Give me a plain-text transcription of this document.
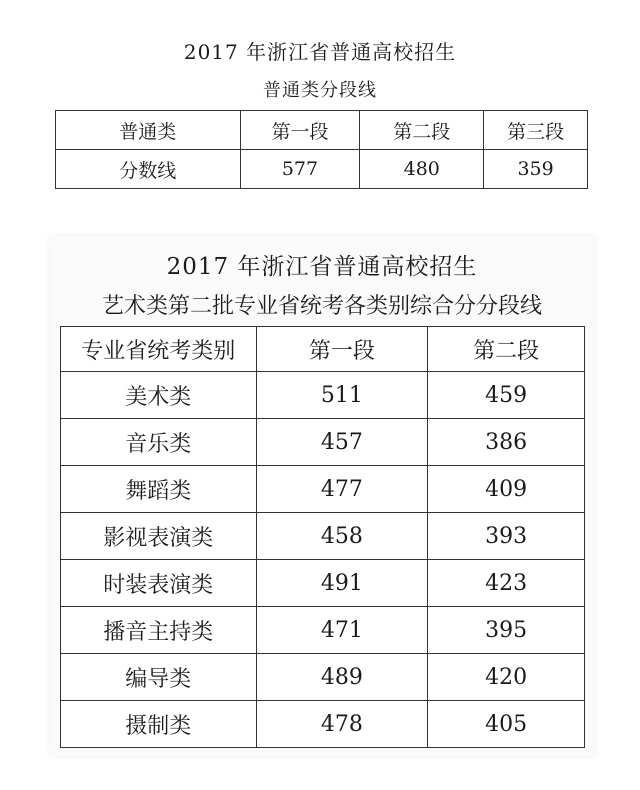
2017 年浙江省普通高校招生
普通类分段线
普通类	第一段	第二段	第三段
分数线	577	480	359
2017 年浙江省普通高校招生
艺术类第二批专业省统考各类别综合分分段线
专业省统考类别	第一段	第二段
美术类	511	459
音乐类	457	386
舞蹈类	477	409
影视表演类	458	393
时装表演类	491	423
播音主持类	471	395
编导类	489	420
摄制类	478	405
